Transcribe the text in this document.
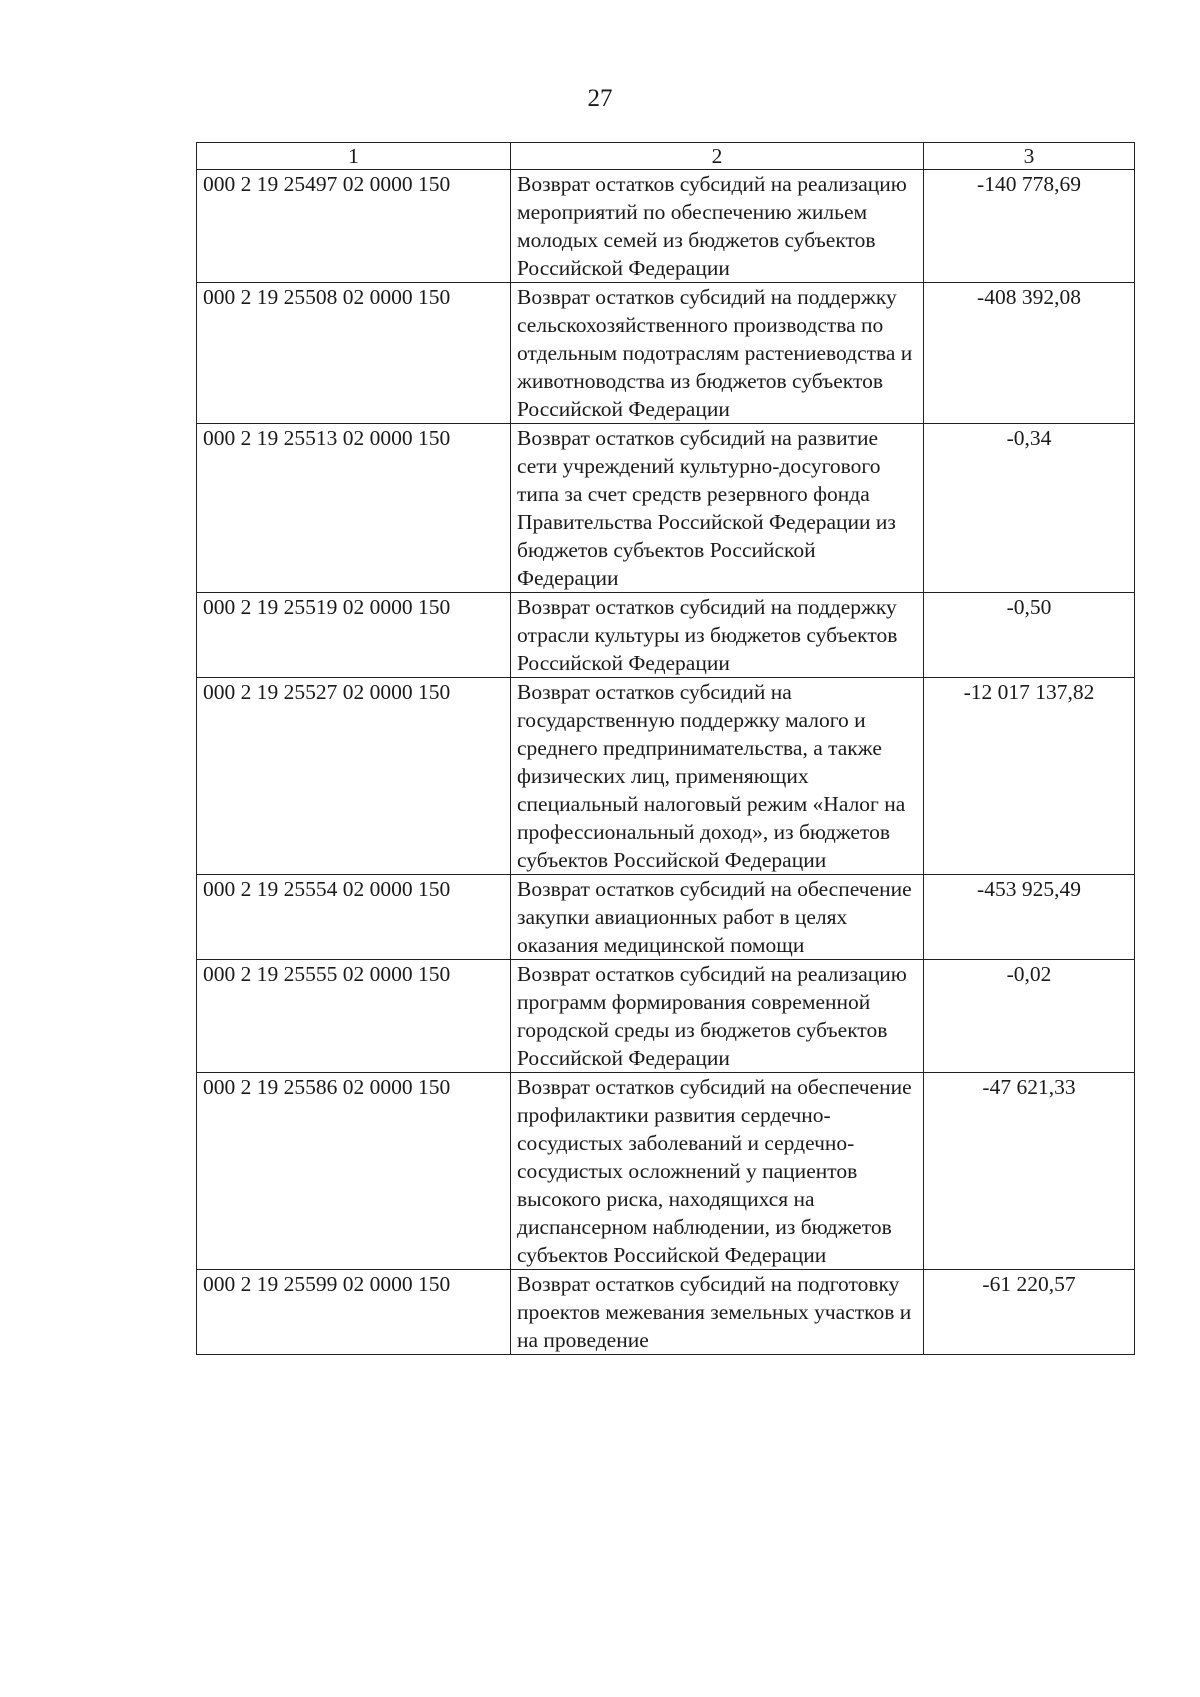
27
1	2	3
000 2 19 25497 02 0000 150	Возврат остатков субсидий на реализацию мероприятий по обеспечению жильем молодых семей из бюджетов субъектов Российской Федерации	-140 778,69
000 2 19 25508 02 0000 150	Возврат остатков субсидий на поддержку сельскохозяйственного производства по отдельным подотраслям растениеводства и животноводства из бюджетов субъектов Российской Федерации	-408 392,08
000 2 19 25513 02 0000 150	Возврат остатков субсидий на развитие сети учреждений культурно-досугового типа за счет средств резервного фонда Правительства Российской Федерации из бюджетов субъектов Российской Федерации	-0,34
000 2 19 25519 02 0000 150	Возврат остатков субсидий на поддержку отрасли культуры из бюджетов субъектов Российской Федерации	-0,50
000 2 19 25527 02 0000 150	Возврат остатков субсидий на государственную поддержку малого и среднего предпринимательства, а также физических лиц, применяющих специальный налоговый режим «Налог на профессиональный доход», из бюджетов субъектов Российской Федерации	-12 017 137,82
000 2 19 25554 02 0000 150	Возврат остатков субсидий на обеспечение закупки авиационных работ в целях оказания медицинской помощи	-453 925,49
000 2 19 25555 02 0000 150	Возврат остатков субсидий на реализацию программ формирования современной городской среды из бюджетов субъектов Российской Федерации	-0,02
000 2 19 25586 02 0000 150	Возврат остатков субсидий на обеспечение профилактики развития сердечно-сосудистых заболеваний и сердечно-сосудистых осложнений у пациентов высокого риска, находящихся на диспансерном наблюдении, из бюджетов субъектов Российской Федерации	-47 621,33
000 2 19 25599 02 0000 150	Возврат остатков субсидий на подготовку проектов межевания земельных участков и на проведение	-61 220,57
